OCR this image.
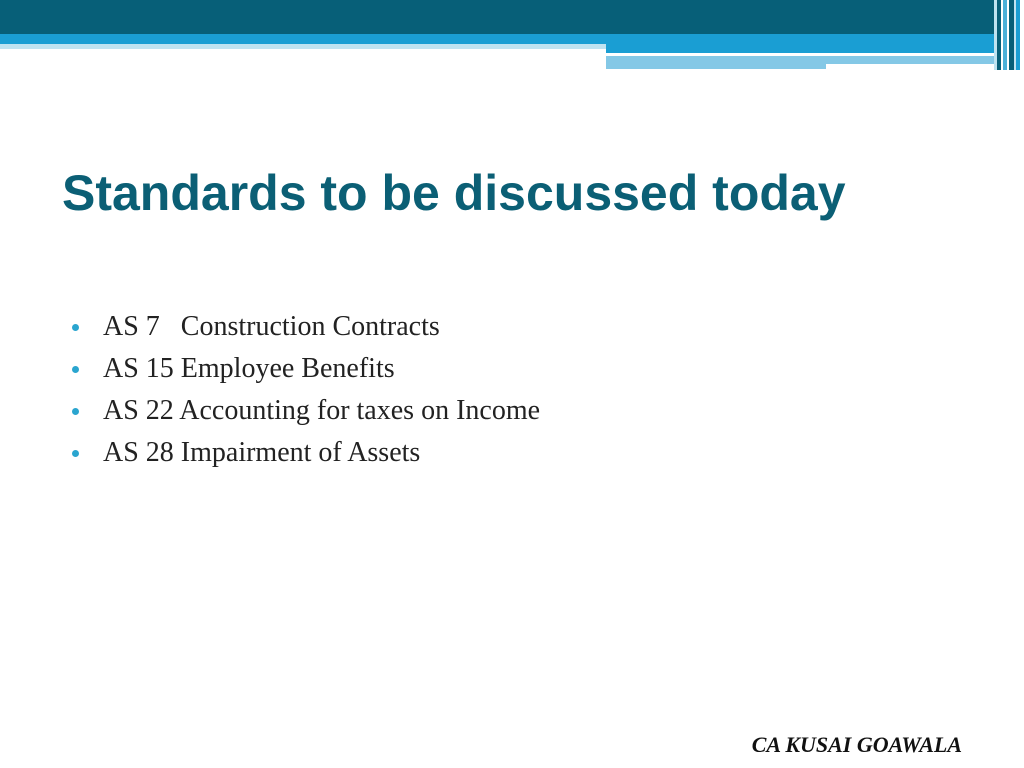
Standards to be discussed today
AS 7   Construction Contracts
AS 15 Employee Benefits
AS 22 Accounting for taxes on Income
AS 28 Impairment of Assets
CA KUSAI GOAWALA
